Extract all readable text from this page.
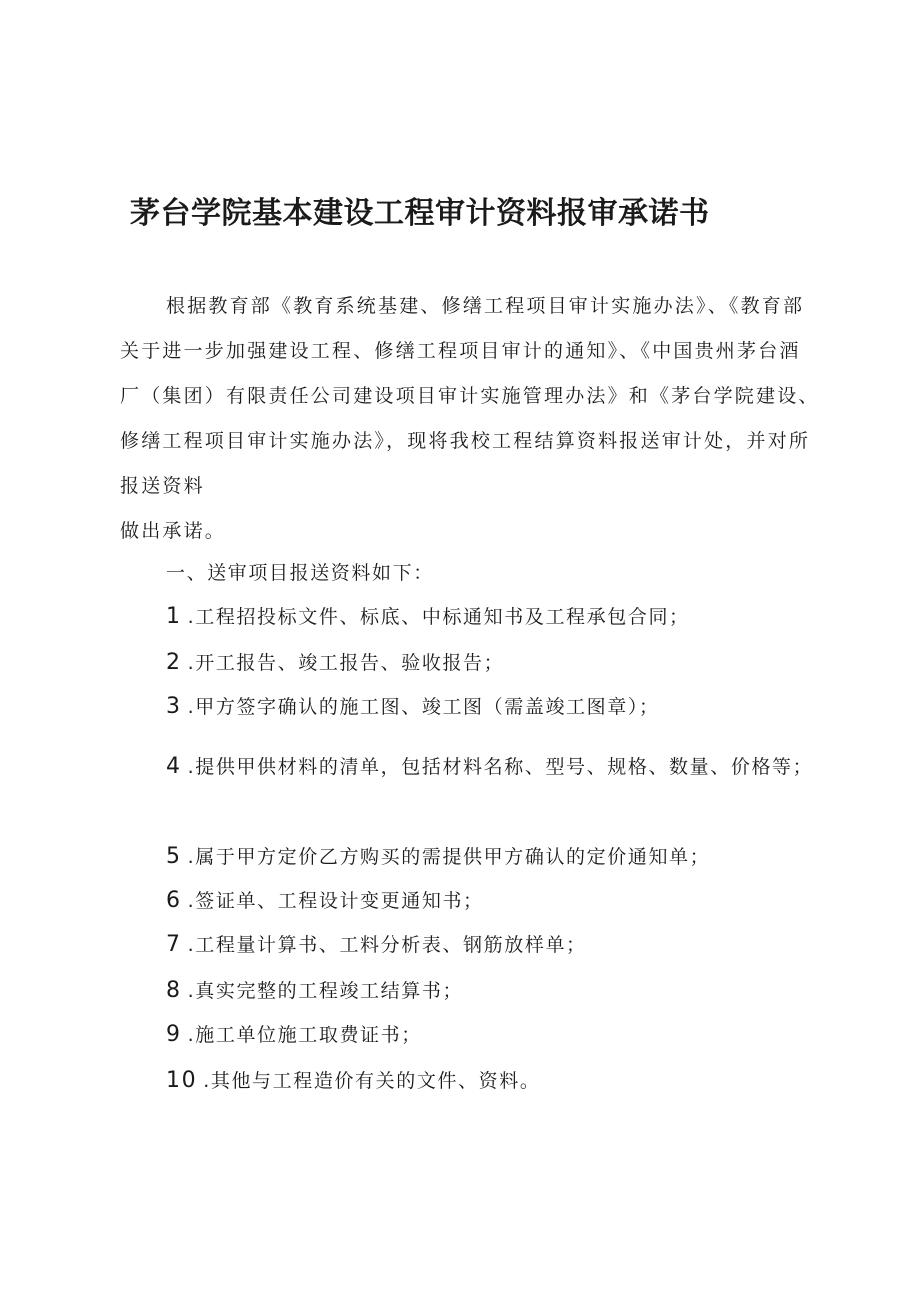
茅台学院基本建设工程审计资料报审承诺书

根据教育部《教育系统基建、修缮工程项目审计实施办法》、《教育部关于进一步加强建设工程、修缮工程项目审计的通知》、《中国贵州茅台酒厂（集团）有限责任公司建设项目审计实施管理办法》和《茅台学院建设、修缮工程项目审计实施办法》，现将我校工程结算资料报送审计处，并对所报送资料
做出承诺。

一、送审项目报送资料如下：

1 .工程招投标文件、标底、中标通知书及工程承包合同；

2 .开工报告、竣工报告、验收报告；

3 .甲方签字确认的施工图、竣工图（需盖竣工图章）；

4 .提供甲供材料的清单，包括材料名称、型号、规格、数量、价格等；

5 .属于甲方定价乙方购买的需提供甲方确认的定价通知单；

6 .签证单、工程设计变更通知书；

7 .工程量计算书、工料分析表、钢筋放样单；

8 .真实完整的工程竣工结算书；

9 .施工单位施工取费证书；

10 .其他与工程造价有关的文件、资料。
